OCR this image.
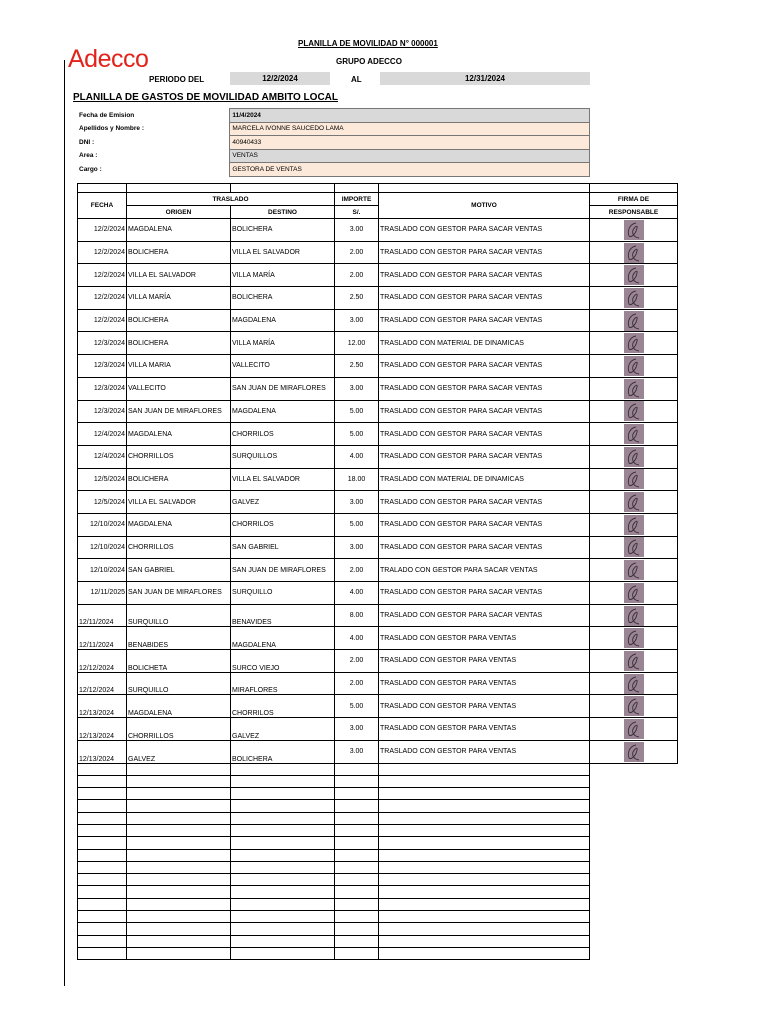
Adecco
PLANILLA DE MOVILIDAD N° 000001
GRUPO ADECCO
PERIODO DEL	12/2/2024	AL	12/31/2024
PLANILLA DE GASTOS DE MOVILIDAD AMBITO LOCAL
Fecha de Emision	11/4/2024
Apellidos y Nombre :	MARCELA IVONNE SAUCEDO LAMA
DNI :	40940433
Area :	VENTAS
Cargo :	GESTORA DE VENTAS

FECHA	TRASLADO		IMPORTE	MOTIVO	FIRMA DE
	ORIGEN	DESTINO	S/.		RESPONSABLE
12/2/2024	MAGDALENA	BOLICHERA	3.00	TRASLADO CON GESTOR PARA SACAR VENTAS	

12/2/2024	BOLICHERA	VILLA EL SALVADOR	2.00	TRASLADO CON GESTOR PARA SACAR VENTAS	

12/2/2024	VILLA EL SALVADOR	VILLA MARÍA	2.00	TRASLADO CON GESTOR PARA SACAR VENTAS	

12/2/2024	VILLA MARÍA	BOLICHERA	2.50	TRASLADO CON GESTOR PARA SACAR VENTAS	

12/2/2024	BOLICHERA	MAGDALENA	3.00	TRASLADO CON GESTOR PARA SACAR VENTAS	

12/3/2024	BOLICHERA	VILLA MARÍA	12.00	TRASLADO CON MATERIAL DE DINAMICAS	

12/3/2024	VILLA MARIA	VALLECITO	2.50	TRASLADO CON GESTOR PARA SACAR VENTAS	

12/3/2024	VALLECITO	SAN JUAN DE MIRAFLORES	3.00	TRASLADO CON GESTOR PARA SACAR VENTAS	

12/3/2024	SAN JUAN DE MIRAFLORES	MAGDALENA	5.00	TRASLADO CON GESTOR PARA SACAR VENTAS	

12/4/2024	MAGDALENA	CHORRILOS	5.00	TRASLADO CON GESTOR PARA SACAR VENTAS	

12/4/2024	CHORRILLOS	SURQUILLOS	4.00	TRASLADO CON GESTOR PARA SACAR VENTAS	

12/5/2024	BOLICHERA	VILLA EL SALVADOR	18.00	TRASLADO CON MATERIAL DE DINAMICAS	

12/5/2024	VILLA EL SALVADOR	GALVEZ	3.00	TRASLADO CON GESTOR PARA SACAR VENTAS	

12/10/2024	MAGDALENA	CHORRILOS	5.00	TRASLADO CON GESTOR PARA SACAR VENTAS	

12/10/2024	CHORRILLOS	SAN GABRIEL	3.00	TRASLADO CON GESTOR PARA SACAR VENTAS	

12/10/2024	SAN GABRIEL	SAN JUAN DE MIRAFLORES	2.00	TRALADO CON GESTOR PARA SACAR VENTAS	

12/11/2025	SAN JUAN DE MIRAFLORES	SURQUILLO	4.00	TRASLADO CON GESTOR PARA SACAR VENTAS	

12/11/2024	SURQUILLO	BENAVIDES	8.00	TRASLADO CON GESTOR PARA SACAR VENTAS	

12/11/2024	BENABIDES	MAGDALENA	4.00	TRASLADO CON GESTOR PARA VENTAS	

12/12/2024	BOLICHETA	SURCO VIEJO	2.00	TRASLADO CON GESTOR PARA VENTAS	

12/12/2024	SURQUILLO	MIRAFLORES	2.00	TRASLADO CON GESTOR PARA VENTAS	

12/13/2024	MAGDALENA	CHORRILOS	5.00	TRASLADO CON GESTOR PARA VENTAS	

12/13/2024	CHORRILLOS	GALVEZ	3.00	TRASLADO CON GESTOR PARA VENTAS	

12/13/2024	GALVEZ	BOLICHERA	3.00	TRASLADO CON GESTOR PARA VENTAS	
